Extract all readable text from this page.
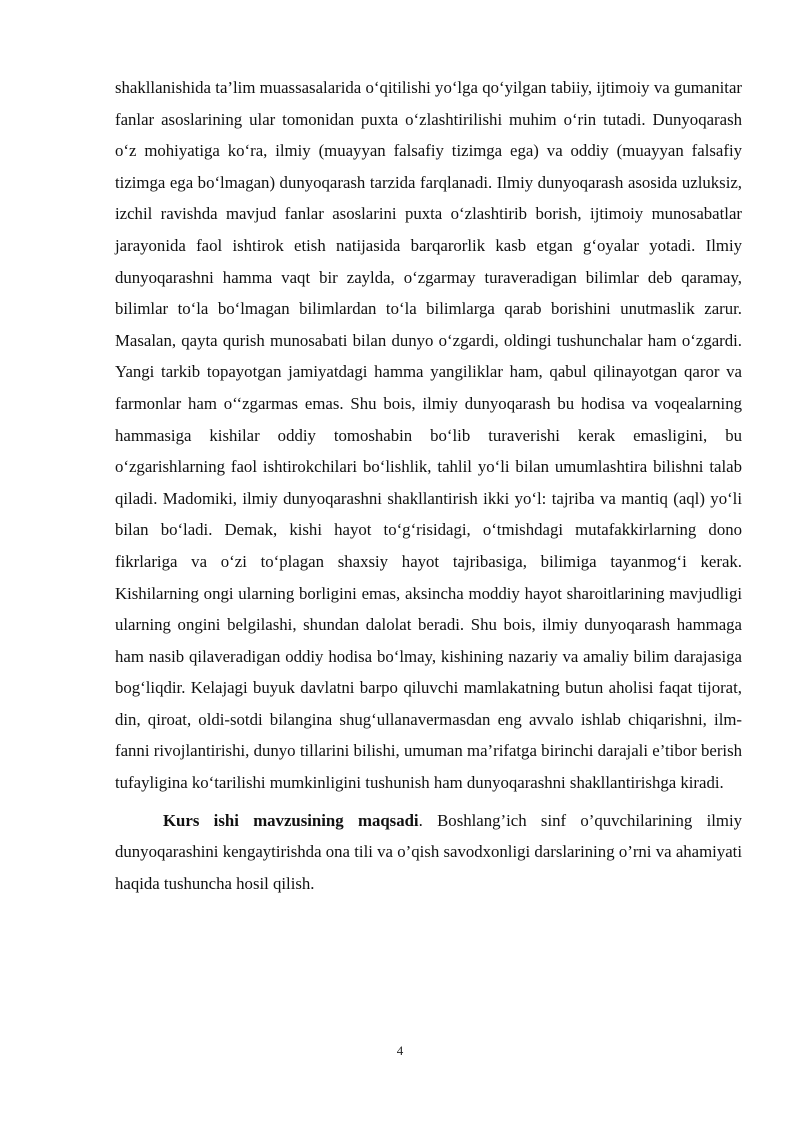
shakllanishida ta’lim muassasalarida o‘qitilishi yo‘lga qo‘yilgan tabiiy, ijtimoiy va gumanitar fanlar asoslarining ular tomonidan puxta o‘zlashtirilishi muhim o‘rin tutadi. Dunyoqarash o‘z mohiyatiga ko‘ra, ilmiy (muayyan falsafiy tizimga ega) va oddiy (muayyan falsafiy tizimga ega bo‘lmagan) dunyoqarash tarzida farqlanadi. Ilmiy dunyoqarash asosida uzluksiz, izchil ravishda mavjud fanlar asoslarini puxta o‘zlashtirib borish, ijtimoiy munosabatlar jarayonida faol ishtirok etish natijasida barqarorlik kasb etgan g‘oyalar yotadi. Ilmiy dunyoqarashni hamma vaqt bir zaylda, o‘zgarmay turaveradigan bilimlar deb qaramay, bilimlar to‘la bo‘lmagan bilimlardan to‘la bilimlarga qarab borishini unutmaslik zarur. Masalan, qayta qurish munosabati bilan dunyo o‘zgardi, oldingi tushunchalar ham o‘zgardi. Yangi tarkib topayotgan jamiyatdagi hamma yangiliklar ham, qabul qilinayotgan qaror va farmonlar ham o‘‘zgarmas emas. Shu bois, ilmiy dunyoqarash bu hodisa va voqealarning hammasiga kishilar oddiy tomoshabin bo‘lib turaverishi kerak emasligini, bu o‘zgarishlarning faol ishtirokchilari bo‘lishlik, tahlil yo‘li bilan umumlashtira bilishni talab qiladi. Madomiki, ilmiy dunyoqarashni shakllantirish ikki yo‘l: tajriba va mantiq (aql) yo‘li bilan bo‘ladi. Demak, kishi hayot to‘g‘risidagi, o‘tmishdagi mutafakkirlarning dono fikrlariga va o‘zi to‘plagan shaxsiy hayot tajribasiga, bilimiga tayanmog‘i kerak. Kishilarning ongi ularning borligini emas, aksincha moddiy hayot sharoitlarining mavjudligi ularning ongini belgilashi, shundan dalolat beradi. Shu bois, ilmiy dunyoqarash hammaga ham nasib qilaveradigan oddiy hodisa bo‘lmay, kishining nazariy va amaliy bilim darajasiga bog‘liqdir. Kelajagi buyuk davlatni barpo qiluvchi mamlakatning butun aholisi faqat tijorat, din, qiroat, oldi-sotdi bilangina shug‘ullanavermasdan eng avvalo ishlab chiqarishni, ilm-fanni rivojlantirishi, dunyo tillarini bilishi, umuman ma’rifatga birinchi darajali e’tibor berish tufayligina ko‘tarilishi mumkinligini tushunish ham dunyoqarashni shakllantirishga kiradi.

Kurs ishi mavzusining maqsadi. Boshlang’ich sinf o’quvchilarining ilmiy dunyoqarashini kengaytirishda ona tili va o’qish savodxonligi darslarining o’rni va ahamiyati haqida tushuncha hosil qilish.

4
